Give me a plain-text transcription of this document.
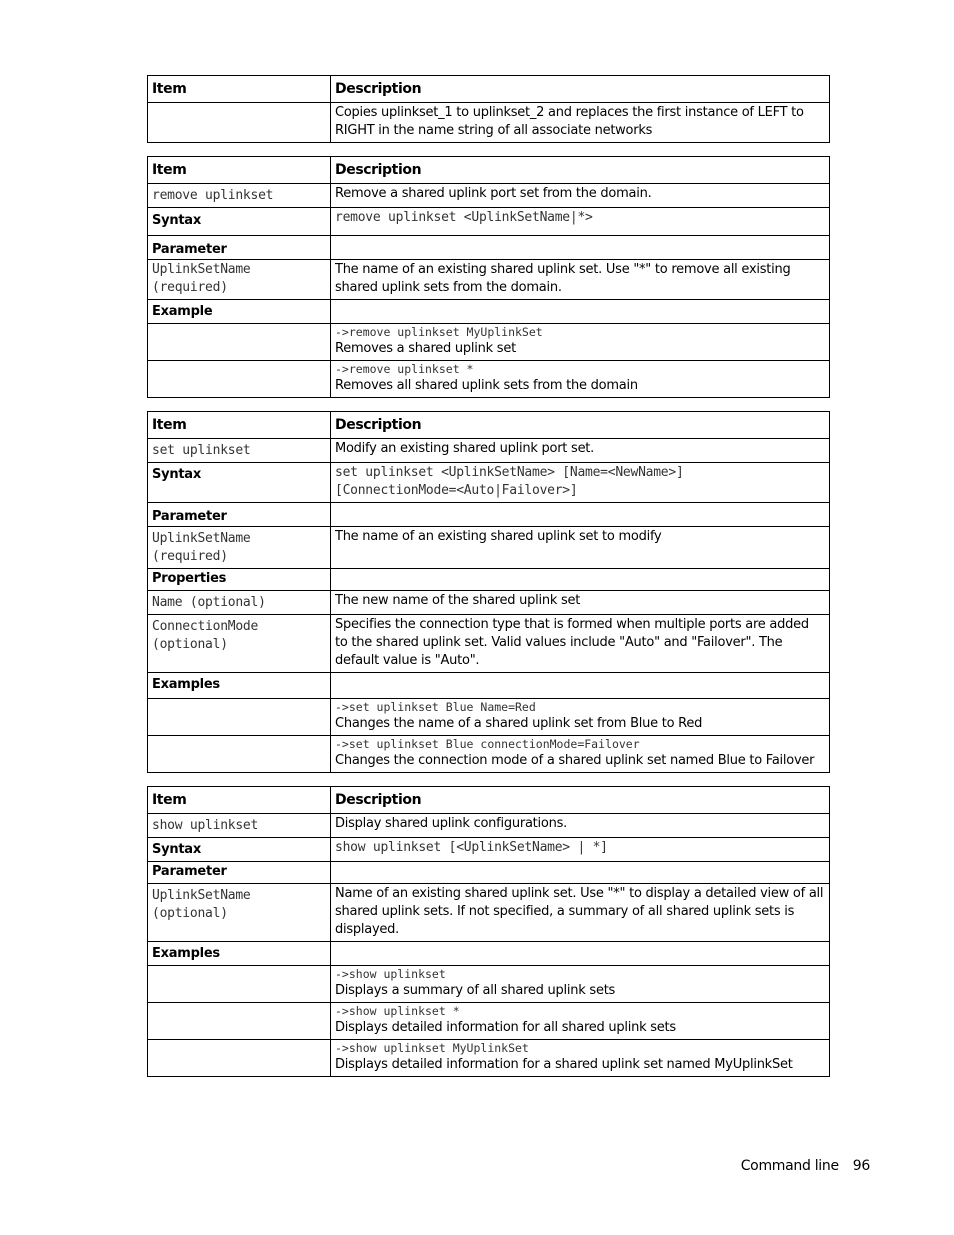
Item	Description
	Copies uplinkset_1 to uplinkset_2 and replaces the first instance of LEFT to RIGHT in the name string of all associate networks
Item	Description
remove uplinkset	Remove a shared uplink port set from the domain.
Syntax	remove uplinkset <UplinkSetName|*>
Parameter	
UplinkSetName
(required)	The name of an existing shared uplink set. Use "*" to remove all existing shared uplink sets from the domain.
Example	

	->remove uplinkset MyUplinkSet
Removes a shared uplink set

	->remove uplinkset *
Removes all shared uplink sets from the domain
Item	Description
set uplinkset	Modify an existing shared uplink port set.
Syntax	set uplinkset <UplinkSetName> [Name=<NewName>]
[ConnectionMode=<Auto|Failover>]
Parameter	
UplinkSetName
(required)	The name of an existing shared uplink set to modify
Properties	
Name (optional)	The new name of the shared uplink set
ConnectionMode
(optional)	Specifies the connection type that is formed when multiple ports are added to the shared uplink set. Valid values include "Auto" and "Failover". The default value is "Auto".
Examples	

	->set uplinkset Blue Name=Red
Changes the name of a shared uplink set from Blue to Red

	->set uplinkset Blue connectionMode=Failover
Changes the connection mode of a shared uplink set named Blue to Failover
Item	Description
show uplinkset	Display shared uplink configurations.
Syntax	show uplinkset [<UplinkSetName> | *]
Parameter	
UplinkSetName
(optional)	Name of an existing shared uplink set. Use "*" to display a detailed view of all shared uplink sets. If not specified, a summary of all shared uplink sets is displayed.
Examples	

	->show uplinkset
Displays a summary of all shared uplink sets

	->show uplinkset *
Displays detailed information for all shared uplink sets

	->show uplinkset MyUplinkSet
Displays detailed information for a shared uplink set named MyUplinkSet
Command line 96
